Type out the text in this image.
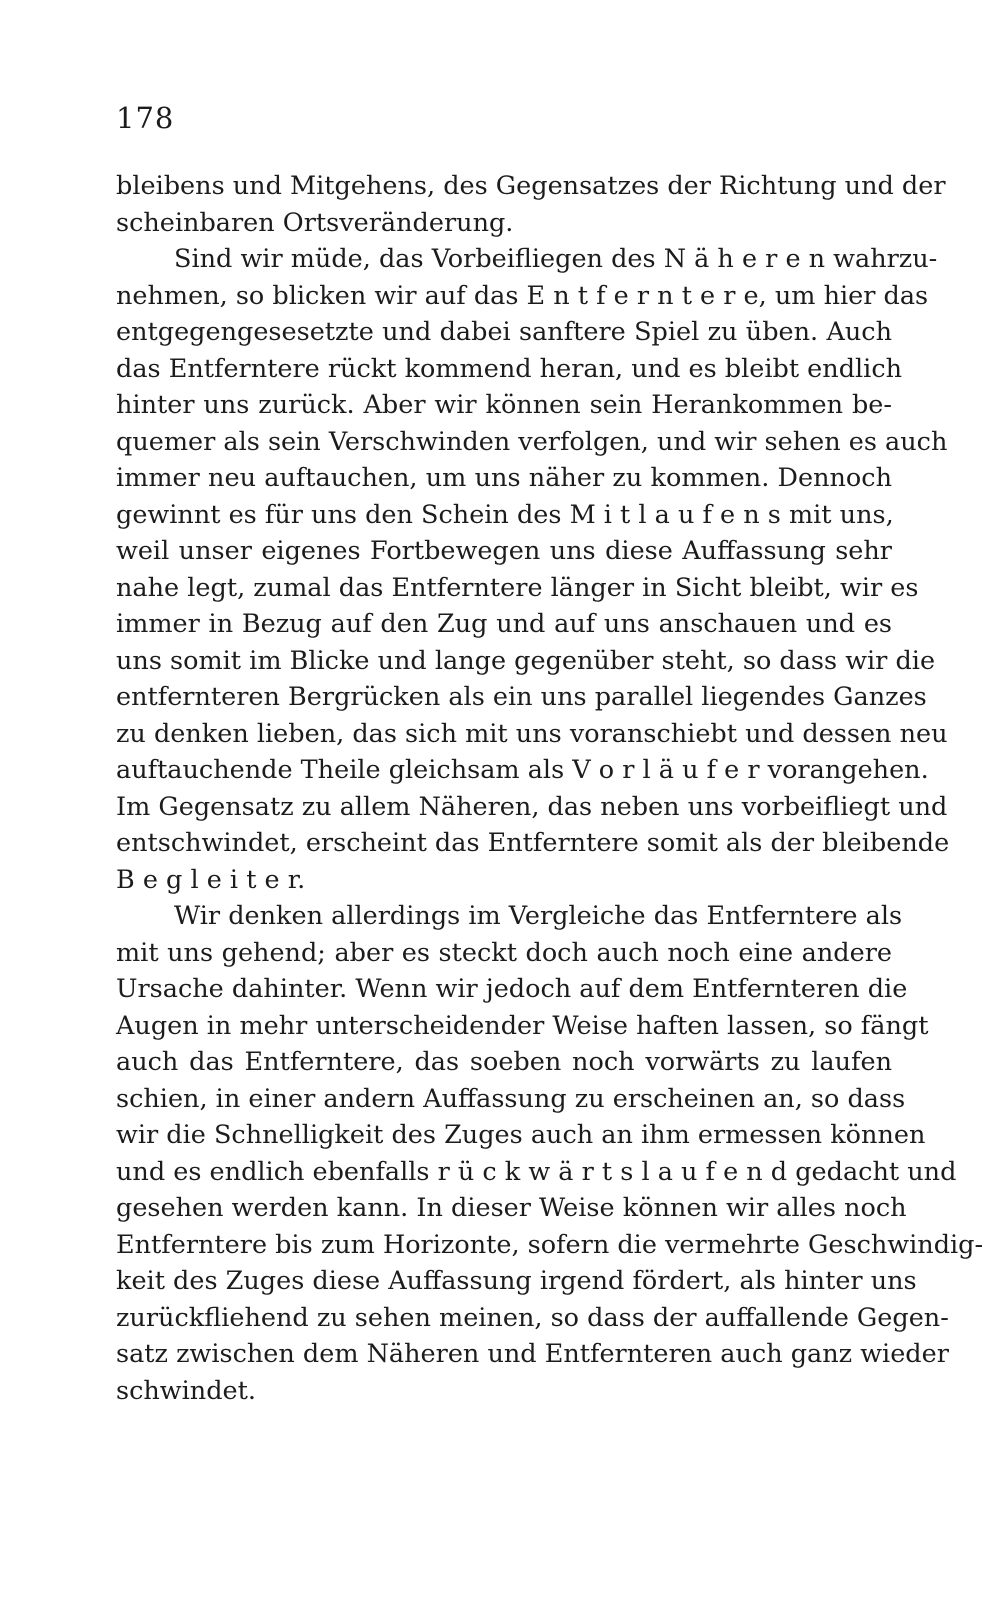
178
bleibens und Mitgehens, des Gegensatzes der Richtung und der
scheinbaren Ortsveränderung.
Sind wir müde, das Vorbeifliegen des N ä h e r e n wahrzu-
nehmen, so blicken wir auf das E n t f e r n t e r e, um hier das
entgegengesesetzte und dabei sanftere Spiel zu üben. Auch
das Entferntere rückt kommend heran, und es bleibt endlich
hinter uns zurück. Aber wir können sein Herankommen be-
quemer als sein Verschwinden verfolgen, und wir sehen es auch
immer neu auftauchen, um uns näher zu kommen. Dennoch
gewinnt es für uns den Schein des M i t l a u f e n s mit uns,
weil unser eigenes Fortbewegen uns diese Auffassung sehr
nahe legt, zumal das Entferntere länger in Sicht bleibt, wir es
immer in Bezug auf den Zug und auf uns anschauen und es
uns somit im Blicke und lange gegenüber steht, so dass wir die
entfernteren Bergrücken als ein uns parallel liegendes Ganzes
zu denken lieben, das sich mit uns voranschiebt und dessen neu
auftauchende Theile gleichsam als V o r l ä u f e r vorangehen.
Im Gegensatz zu allem Näheren, das neben uns vorbeifliegt und
entschwindet, erscheint das Entferntere somit als der bleibende
B e g l e i t e r.
Wir denken allerdings im Vergleiche das Entferntere als
mit uns gehend; aber es steckt doch auch noch eine andere
Ursache dahinter. Wenn wir jedoch auf dem Entfernteren die
Augen in mehr unterscheidender Weise haften lassen, so fängt
auch das Entferntere, das soeben noch vorwärts zu laufen
schien, in einer andern Auffassung zu erscheinen an, so dass
wir die Schnelligkeit des Zuges auch an ihm ermessen können
und es endlich ebenfalls r ü c k w ä r t s l a u f e n d gedacht und
gesehen werden kann. In dieser Weise können wir alles noch
Entferntere bis zum Horizonte, sofern die vermehrte Geschwindig-
keit des Zuges diese Auffassung irgend fördert, als hinter uns
zurückfliehend zu sehen meinen, so dass der auffallende Gegen-
satz zwischen dem Näheren und Entfernteren auch ganz wieder
schwindet.
